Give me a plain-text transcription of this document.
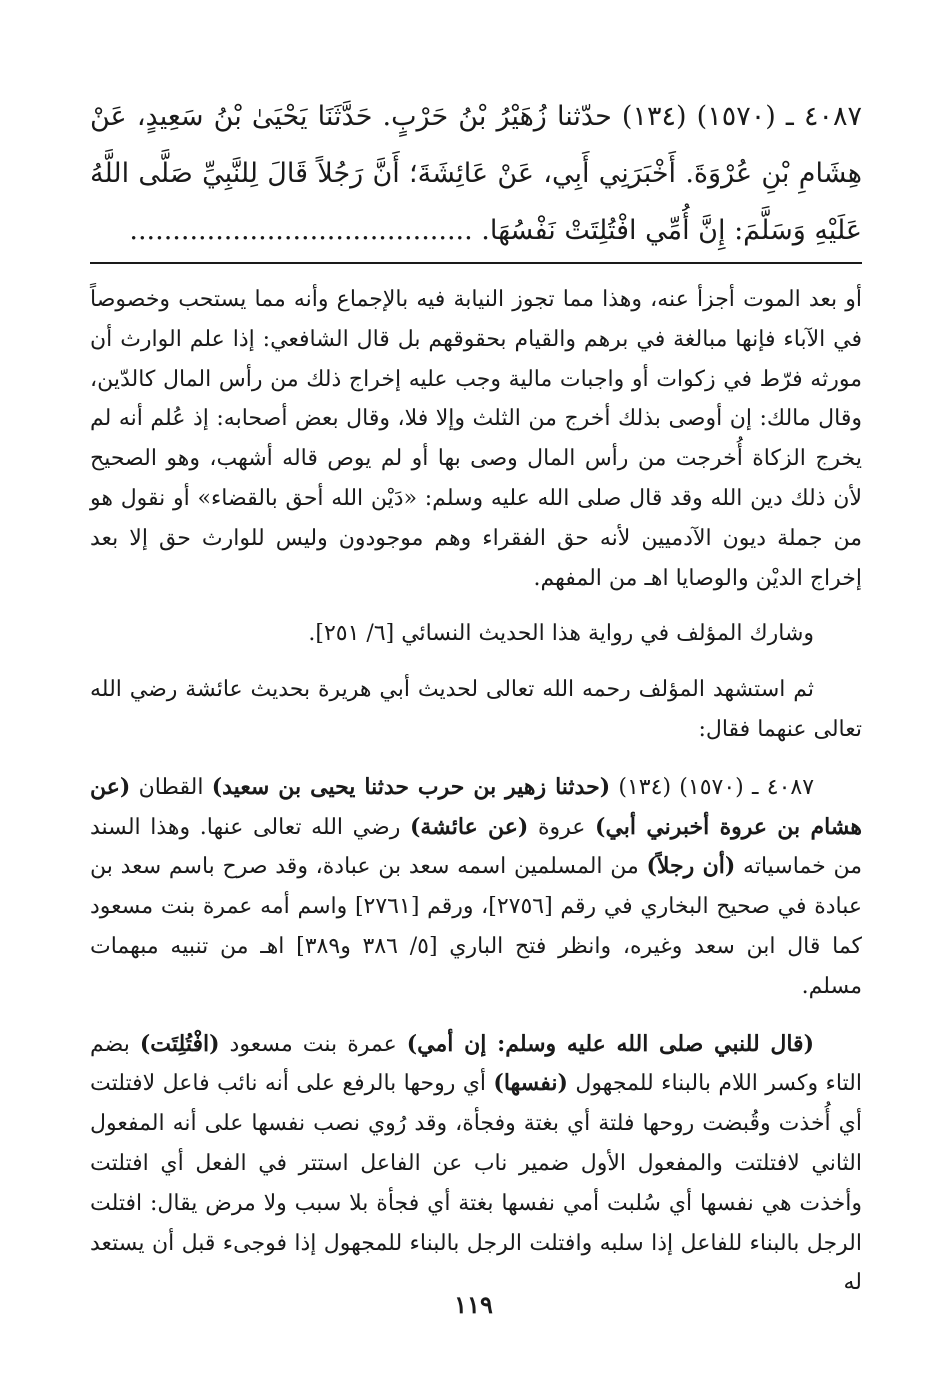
٤٠٨٧ ـ (١٥٧٠) (١٣٤) حدّثنا زُهَيْرُ بْنُ حَرْبٍ. حَدَّثَنَا يَحْيَىٰ بْنُ سَعِيدٍ، عَنْ هِشَامِ بْنِ عُرْوَةَ. أَخْبَرَنِي أَبِي، عَنْ عَائِشَةَ؛ أَنَّ رَجُلاً قَالَ لِلنَّبِيِّ صَلَّى اللَّهُ عَلَيْهِ وَسَلَّمَ: إِنَّ أُمِّي افْتُلِتَتْ نَفْسُهَا. ........................................

أو بعد الموت أجزأ عنه، وهذا مما تجوز النيابة فيه بالإجماع وأنه مما يستحب وخصوصاً في الآباء فإنها مبالغة في برهم والقيام بحقوقهم بل قال الشافعي: إذا علم الوارث أن مورثه فرّط في زكوات أو واجبات مالية وجب عليه إخراج ذلك من رأس المال كالدّين، وقال مالك: إن أوصى بذلك أخرج من الثلث وإلا فلا، وقال بعض أصحابه: إذ عُلم أنه لم يخرج الزكاة أُخرجت من رأس المال وصى بها أو لم يوص قاله أشهب، وهو الصحيح لأن ذلك دين الله وقد قال صلى الله عليه وسلم: «دَيْن الله أحق بالقضاء» أو نقول هو من جملة ديون الآدميين لأنه حق الفقراء وهم موجودون وليس للوارث حق إلا بعد إخراج الديْن والوصايا اهـ من المفهم.

وشارك المؤلف في رواية هذا الحديث النسائي [٦/ ٢٥١].

ثم استشهد المؤلف رحمه الله تعالى لحديث أبي هريرة بحديث عائشة رضي الله تعالى عنهما فقال:

٤٠٨٧ ـ (١٥٧٠) (١٣٤) (حدثنا زهير بن حرب حدثنا يحيى بن سعيد) القطان (عن هشام بن عروة أخبرني أبي) عروة (عن عائشة) رضي الله تعالى عنها. وهذا السند من خماسياته (أن رجلاً) من المسلمين اسمه سعد بن عبادة، وقد صرح باسم سعد بن عبادة في صحيح البخاري في رقم [٢٧٥٦]، ورقم [٢٧٦١] واسم أمه عمرة بنت مسعود كما قال ابن سعد وغيره، وانظر فتح الباري [٥/ ٣٨٦ و٣٨٩] اهـ من تنبيه مبهمات مسلم.

(قال للنبي صلى الله عليه وسلم: إن أمي) عمرة بنت مسعود (افْتُلِتَت) بضم التاء وكسر اللام بالبناء للمجهول (نفسها) أي روحها بالرفع على أنه نائب فاعل لافتلتت أي أُخذت وقُبضت روحها فلتة أي بغتة وفجأة، وقد رُوي نصب نفسها على أنه المفعول الثاني لافتلتت والمفعول الأول ضمير ناب عن الفاعل استتر في الفعل أي افتلتت وأخذت هي نفسها أي سُلبت أمي نفسها بغتة أي فجأة بلا سبب ولا مرض يقال: افتلت الرجل بالبناء للفاعل إذا سلبه وافتلت الرجل بالبناء للمجهول إذا فوجىء قبل أن يستعد له

١١٩
